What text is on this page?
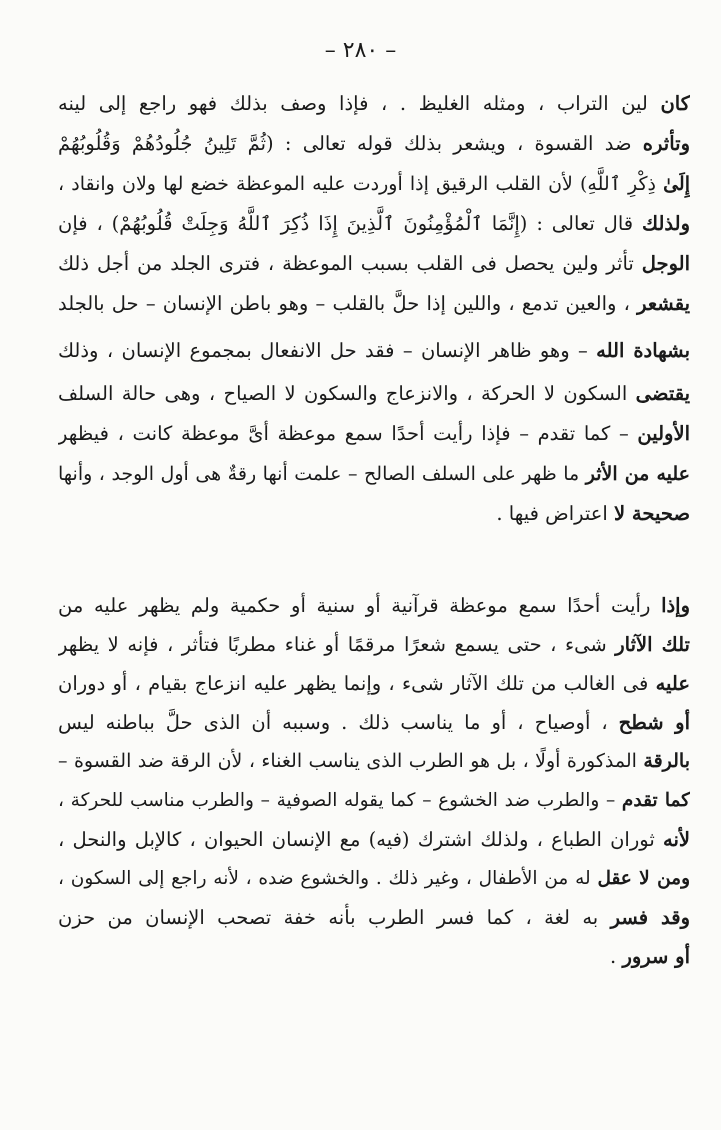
– ٢٨٠ –
كان لين التراب ، ومثله الغليظ . ، فإذا وصف بذلك فهو راجع إلى لينه
وتأثره ضد القسوة ، ويشعر بذلك قوله تعالى : (ثُمَّ تَلِينُ جُلُودُهُمْ وَقُلُوبُهُمْ
إِلَىٰ ذِكْرِ ٱللَّهِ) لأن القلب الرقيق إذا أوردت عليه الموعظة خضع لها ولان وانقاد ،
ولذلك قال تعالى : (إِنَّمَا ٱلْمُؤْمِنُونَ ٱلَّذِينَ إِذَا ذُكِرَ ٱللَّهُ وَجِلَتْ قُلُوبُهُمْ) ، فإن
الوجل تأثر ولين يحصل فى القلب بسبب الموعظة ، فترى الجلد من أجل ذلك
يقشعر ، والعين تدمع ، واللين إذا حلَّ بالقلب – وهو باطن الإنسان – حل بالجلد
بشهادة الله – وهو ظاهر الإنسان – فقد حل الانفعال بمجموع الإنسان ، وذلك
يقتضى السكون لا الحركة ، والانزعاج والسكون لا الصياح ، وهى حالة السلف
الأولين – كما تقدم – فإذا رأيت أحدًا سمع موعظة أىَّ موعظة كانت ، فيظهر
عليه من الأثر ما ظهر على السلف الصالح – علمت أنها رقةٌ هى أول الوجد ، وأنها
صحيحة لا اعتراض فيها .
وإذا رأيت أحدًا سمع موعظة قرآنية أو سنية أو حكمية ولم يظهر عليه من
تلك الآثار شىء ، حتى يسمع شعرًا مرقمًا أو غناء مطربًا فتأثر ، فإنه لا يظهر
عليه فى الغالب من تلك الآثار شىء ، وإنما يظهر عليه انزعاج بقيام ، أو دوران
أو شطح ، أوصياح ، أو ما يناسب ذلك . وسببه أن الذى حلَّ بباطنه ليس
بالرقة المذكورة أولًا ، بل هو الطرب الذى يناسب الغناء ، لأن الرقة ضد القسوة –
كما تقدم – والطرب ضد الخشوع – كما يقوله الصوفية – والطرب مناسب للحركة ،
لأنه ثوران الطباع ، ولذلك اشترك (فيه) مع الإنسان الحيوان ، كالإبل والنحل ،
ومن لا عقل له من الأطفال ، وغير ذلك . والخشوع ضده ، لأنه راجع إلى السكون ،
وقد فسر به لغة ، كما فسر الطرب بأنه خفة تصحب الإنسان من حزن
أو سرور .
